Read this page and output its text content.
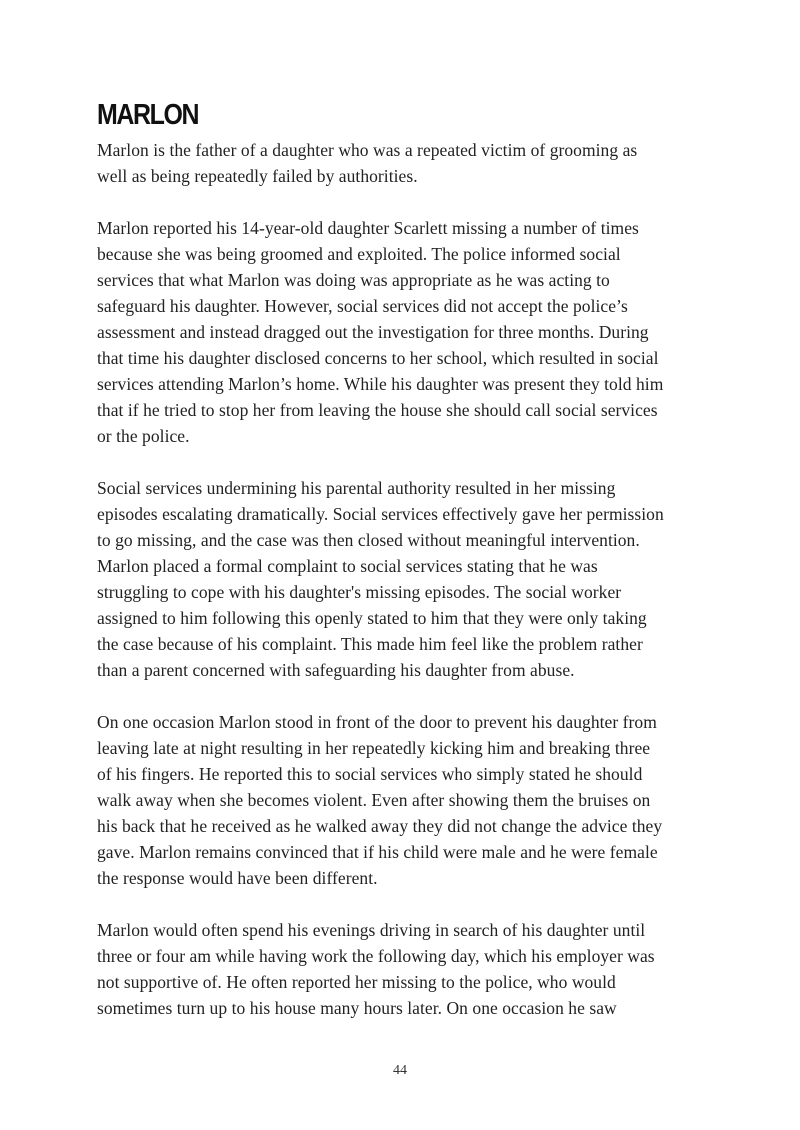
MARLON

Marlon is the father of a daughter who was a repeated victim of grooming as
well as being repeatedly failed by authorities.

Marlon reported his 14-year-old daughter Scarlett missing a number of times
because she was being groomed and exploited. The police informed social
services that what Marlon was doing was appropriate as he was acting to
safeguard his daughter. However, social services did not accept the police’s
assessment and instead dragged out the investigation for three months. During
that time his daughter disclosed concerns to her school, which resulted in social
services attending Marlon’s home. While his daughter was present they told him
that if he tried to stop her from leaving the house she should call social services
or the police.

Social services undermining his parental authority resulted in her missing
episodes escalating dramatically. Social services effectively gave her permission
to go missing, and the case was then closed without meaningful intervention.
Marlon placed a formal complaint to social services stating that he was
struggling to cope with his daughter's missing episodes. The social worker
assigned to him following this openly stated to him that they were only taking
the case because of his complaint. This made him feel like the problem rather
than a parent concerned with safeguarding his daughter from abuse.

On one occasion Marlon stood in front of the door to prevent his daughter from
leaving late at night resulting in her repeatedly kicking him and breaking three
of his fingers. He reported this to social services who simply stated he should
walk away when she becomes violent. Even after showing them the bruises on
his back that he received as he walked away they did not change the advice they
gave. Marlon remains convinced that if his child were male and he were female
the response would have been different.

Marlon would often spend his evenings driving in search of his daughter until
three or four am while having work the following day, which his employer was
not supportive of. He often reported her missing to the police, who would
sometimes turn up to his house many hours later. On one occasion he saw

44
